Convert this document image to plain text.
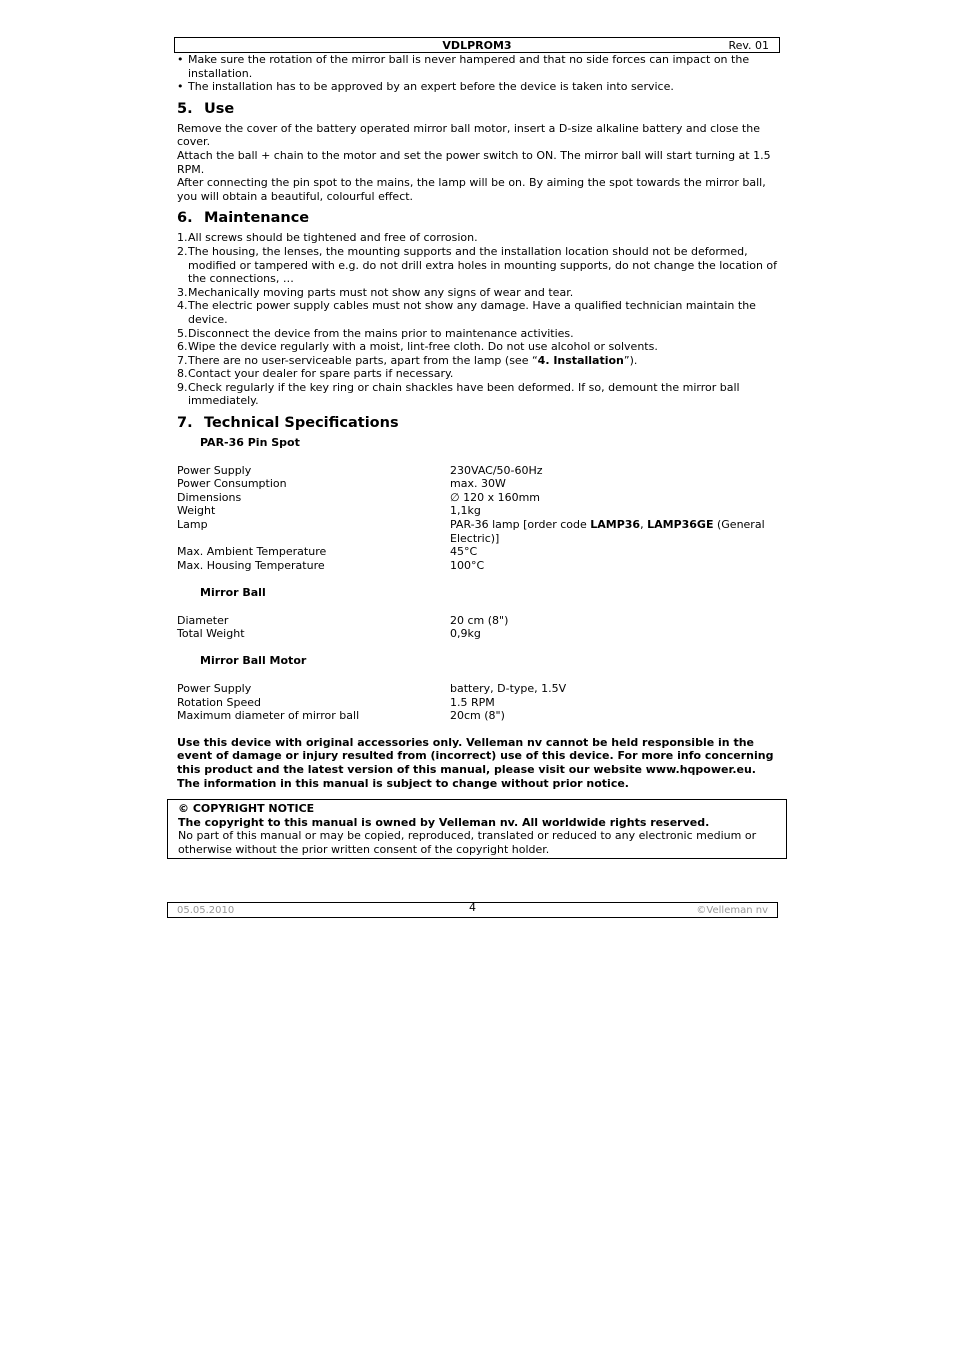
VDLPROM3	Rev. 01
• Make sure the rotation of the mirror ball is never hampered and that no side forces can impact on the installation.
• The installation has to be approved by an expert before the device is taken into service.
5. Use

Remove the cover of the battery operated mirror ball motor, insert a D-size alkaline battery and close the cover.

Attach the ball + chain to the motor and set the power switch to ON. The mirror ball will start turning at 1.5 RPM.

After connecting the pin spot to the mains, the lamp will be on. By aiming the spot towards the mirror ball, you will obtain a beautiful, colourful effect.

6. Maintenance
1. All screws should be tightened and free of corrosion.
2. The housing, the lenses, the mounting supports and the installation location should not be deformed, modified or tampered with e.g. do not drill extra holes in mounting supports, do not change the location of the connections, …
3. Mechanically moving parts must not show any signs of wear and tear.
4. The electric power supply cables must not show any damage. Have a qualified technician maintain the device.
5. Disconnect the device from the mains prior to maintenance activities.
6. Wipe the device regularly with a moist, lint-free cloth. Do not use alcohol or solvents.
7. There are no user-serviceable parts, apart from the lamp (see “4. Installation”).
8. Contact your dealer for spare parts if necessary.
9. Check regularly if the key ring or chain shackles have been deformed. If so, demount the mirror ball immediately.
7. Technical Specifications
PAR-36 Pin Spot
Power Supply	230VAC/50-60Hz
Power Consumption	max. 30W
Dimensions	∅ 120 x 160mm
Weight	1,1kg
Lamp	PAR-36 lamp [order code LAMP36, LAMP36GE (General Electric)]
Max. Ambient Temperature	45°C
Max. Housing Temperature	100°C
Mirror Ball
Diameter	20 cm (8")
Total Weight	0,9kg
Mirror Ball Motor
Power Supply	battery, D-type, 1.5V
Rotation Speed	1.5 RPM
Maximum diameter of mirror ball	20cm (8")

Use this device with original accessories only. Velleman nv cannot be held responsible in the event of damage or injury resulted from (incorrect) use of this device. For more info concerning this product and the latest version of this manual, please visit our website www.hqpower.eu. The information in this manual is subject to change without prior notice.

© COPYRIGHT NOTICE
The copyright to this manual is owned by Velleman nv. All worldwide rights reserved.
No part of this manual or may be copied, reproduced, translated or reduced to any electronic medium or otherwise without the prior written consent of the copyright holder.
05.05.2010	4	©Velleman nv
